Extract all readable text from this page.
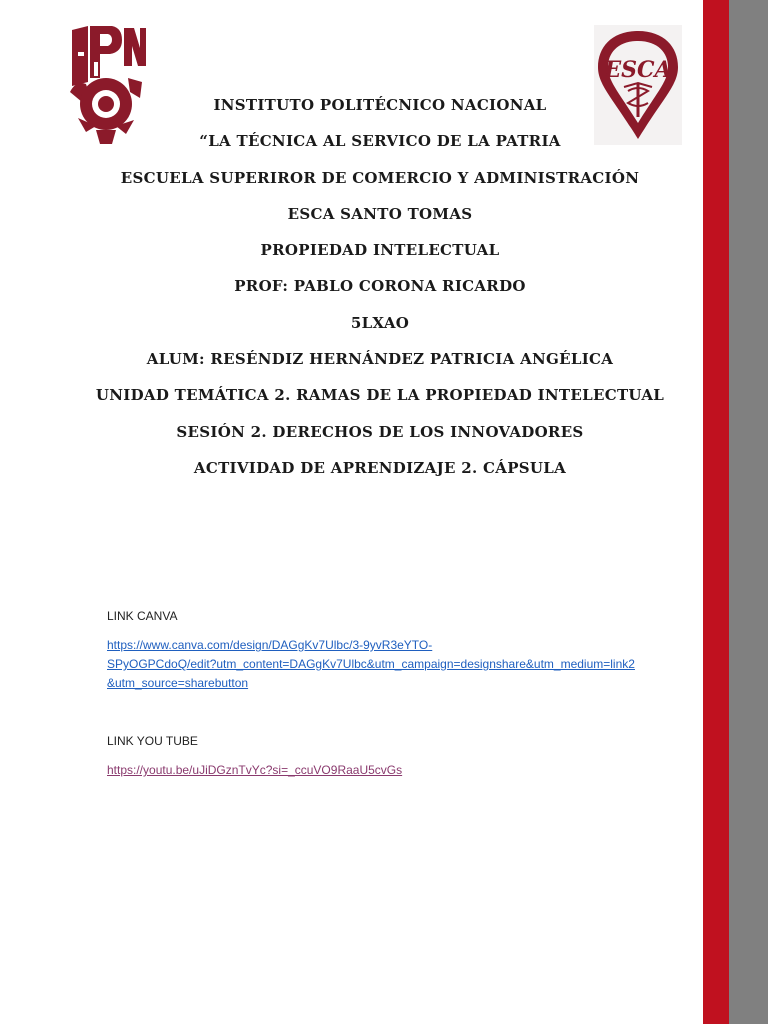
ESCA
INSTITUTO POLITÉCNICO NACIONAL
“LA TÉCNICA AL SERVICO DE LA PATRIA
ESCUELA SUPERIROR DE COMERCIO Y ADMINISTRACIÓN
ESCA SANTO TOMAS
PROPIEDAD INTELECTUAL
PROF: PABLO CORONA RICARDO
5LXAO
ALUM: RESÉNDIZ HERNÁNDEZ PATRICIA ANGÉLICA
UNIDAD TEMÁTICA 2. RAMAS DE LA PROPIEDAD INTELECTUAL
SESIÓN 2. DERECHOS DE LOS INNOVADORES
ACTIVIDAD DE APRENDIZAJE 2. CÁPSULA
LINK CANVA
https://www.canva.com/design/DAGgKv7Ulbc/3-9yvR3eYTO-
SPyOGPCdoQ/edit?utm_content=DAGgKv7Ulbc&utm_campaign=designshare&utm_medium=link2
&utm_source=sharebutton
LINK YOU TUBE
https://youtu.be/uJiDGznTvYc?si=_ccuVO9RaaU5cvGs
